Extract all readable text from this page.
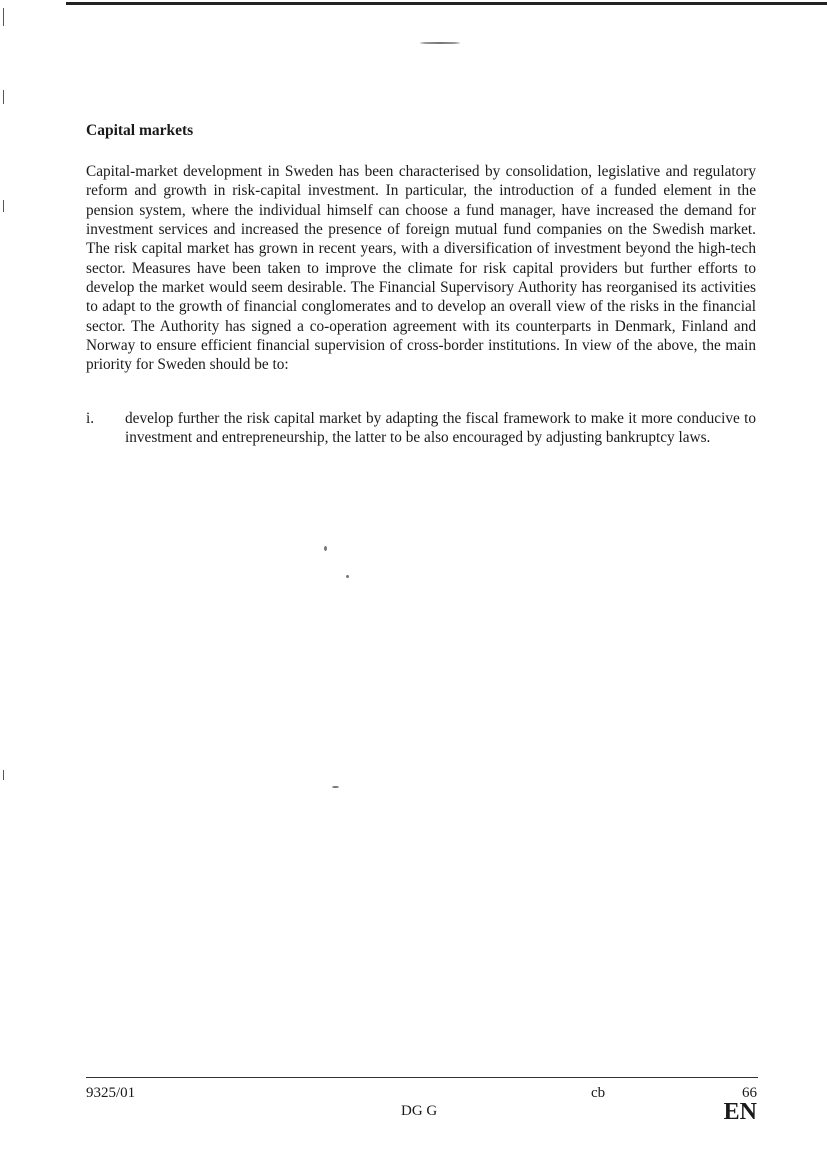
Capital markets

Capital-market development in Sweden has been characterised by consolidation, legislative and regulatory reform and growth in risk-capital investment. In particular, the introduction of a funded element in the pension system, where the individual himself can choose a fund manager, have increased the demand for investment services and increased the presence of foreign mutual fund companies on the Swedish market. The risk capital market has grown in recent years, with a diversification of investment beyond the high-tech sector. Measures have been taken to improve the climate for risk capital providers but further efforts to develop the market would seem desirable. The Financial Supervisory Authority has reorganised its activities to adapt to the growth of financial conglomerates and to develop an overall view of the risks in the financial sector. The Authority has signed a co-operation agreement with its counterparts in Denmark, Finland and Norway to ensure efficient financial supervision of cross-border institutions. In view of the above, the main priority for Sweden should be to:

i.	develop further the risk capital market by adapting the fiscal framework to make it more conducive to investment and entrepreneurship, the latter to be also encouraged by adjusting bankruptcy laws.
9325/01	cb	66
DG G	EN
